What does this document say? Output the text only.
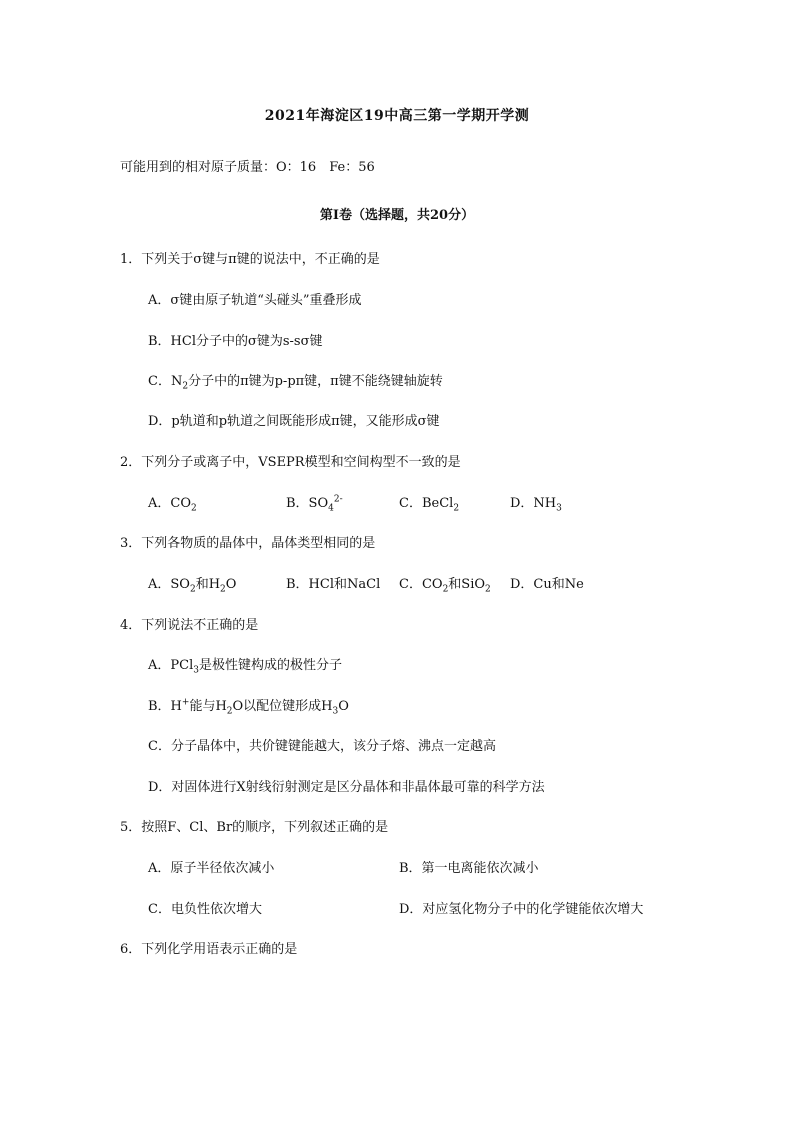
2021年海淀区19中高三第一学期开学测
可能用到的相对原子质量：O：16　Fe：56
第Ⅰ卷（选择题，共20分）
1．下列关于σ键与π键的说法中，不正确的是
A．σ键由原子轨道“头碰头”重叠形成
B．HCl分子中的σ键为s-sσ键
C．$N_2$分子中的π键为p-pπ键，π键不能绕键轴旋转
D．p轨道和p轨道之间既能形成π键，又能形成σ键
2．下列分子或离子中，VSEPR模型和空间构型不一致的是
A．$CO_2$	B．$SO_4^{2-}$	C．BeCl$_2$	D．$NH_3$
3．下列各物质的晶体中，晶体类型相同的是
A．$SO_2$和$H_2O$	B．HCl和NaCl C．$CO_2$和SiO$_2$ D．Cu和Ne
4．下列说法不正确的是
A．PCl$_3$是极性键构成的极性分子
B．H+能与$H_2O$以配位键形成$H_3O$
C．分子晶体中，共价键键能越大，该分子熔、沸点一定越高
D．对固体进行X射线衍射测定是区分晶体和非晶体最可靠的科学方法
5．按照F、Cl、Br的顺序，下列叙述正确的是
A．原子半径依次减小	B．第一电离能依次减小
C．电负性依次增大	D．对应氢化物分子中的化学键能依次增大
6．下列化学用语表示正确的是
